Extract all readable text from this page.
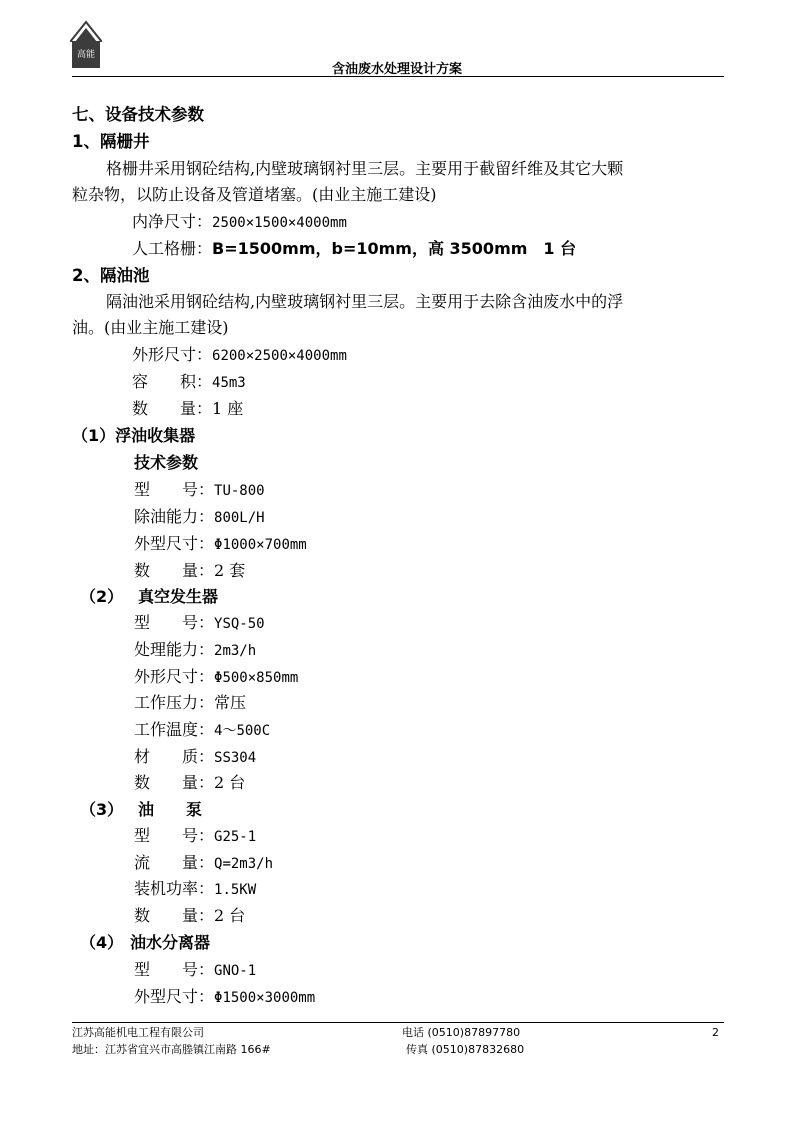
高能
含油废水处理设计方案
七、设备技术参数
1、隔栅井
格栅井采用钢砼结构,内壁玻璃钢衬里三层。主要用于截留纤维及其它大颗
粒杂物，以防止设备及管道堵塞。(由业主施工建设)
内净尺寸：2500×1500×4000mm
人工格栅：B=1500mm，b=10mm，高 3500mm　1 台
2、隔油池
隔油池采用钢砼结构,内壁玻璃钢衬里三层。主要用于去除含油废水中的浮
油。(由业主施工建设)
外形尺寸：6200×2500×4000mm
容　　积：45m3
数　　量：1 座
（1）浮油收集器
技术参数
型　　号：TU-800
除油能力：800L/H
外型尺寸：Φ1000×700mm
数　　量：2 套
（2） 真空发生器
型　　号：YSQ-50
处理能力：2m3/h
外形尺寸：Φ500×850mm
工作压力：常压
工作温度：4～500C
材　　质：SS304
数　　量：2 台
（3） 油　　泵
型　　号：G25-1
流　　量：Q=2m3/h
装机功率：1.5KW
数　　量：2 台
（4） 油水分离器
型　　号：GNO-1
外型尺寸：Φ1500×3000mm
江苏高能机电工程有限公司	电话 (0510)87897780	2
地址：江苏省宜兴市高塍镇江南路 166#	传真 (0510)87832680
